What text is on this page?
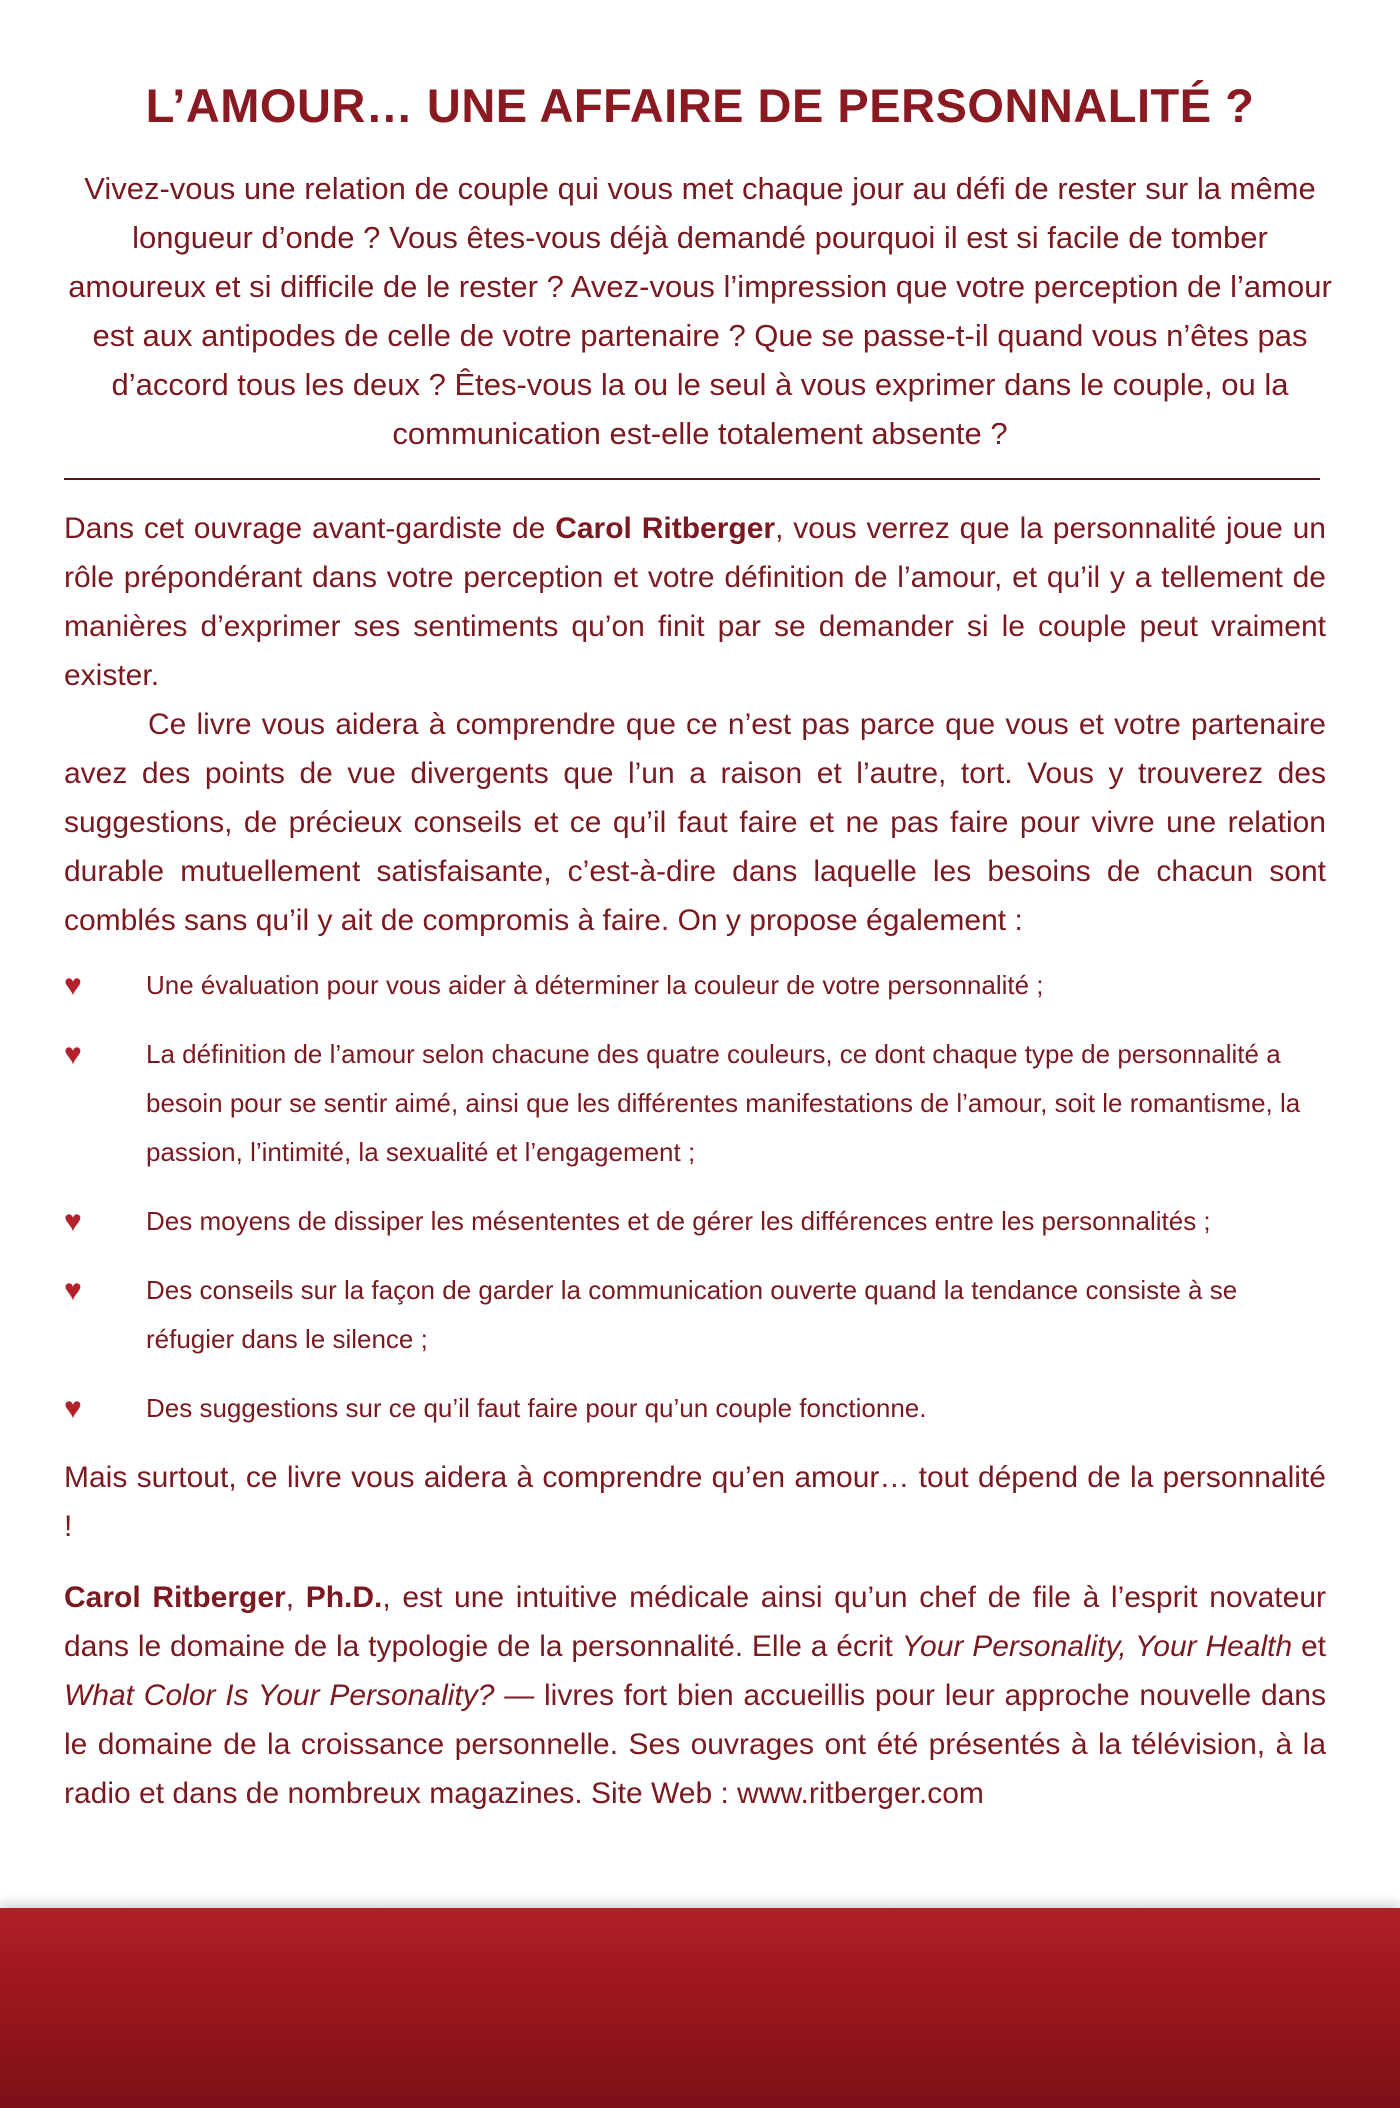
L’AMOUR… UNE AFFAIRE DE PERSONNALITÉ ?

Vivez-vous une relation de couple qui vous met chaque jour au défi de rester sur la même longueur d’onde ? Vous êtes-vous déjà demandé pourquoi il est si facile de tomber amoureux et si difficile de le rester ? Avez-vous l’impression que votre perception de l’amour est aux antipodes de celle de votre partenaire ? Que se passe-t-il quand vous n’êtes pas d’accord tous les deux ? Êtes-vous la ou le seul à vous exprimer dans le couple, ou la communication est-elle totalement absente ?

Dans cet ouvrage avant-gardiste de Carol Ritberger, vous verrez que la personnalité joue un rôle prépondérant dans votre perception et votre définition de l’amour, et qu’il y a tellement de manières d’exprimer ses sentiments qu’on finit par se demander si le couple peut vraiment exister.

Ce livre vous aidera à comprendre que ce n’est pas parce que vous et votre partenaire avez des points de vue divergents que l’un a raison et l’autre, tort. Vous y trouverez des suggestions, de précieux conseils et ce qu’il faut faire et ne pas faire pour vivre une relation durable mutuellement satisfaisante, c’est-à-dire dans laquelle les besoins de chacun sont comblés sans qu’il y ait de compromis à faire. On y propose également :

♥	Une évaluation pour vous aider à déterminer la couleur de votre personnalité ;
♥	La définition de l’amour selon chacune des quatre couleurs, ce dont chaque type de personnalité a besoin pour se sentir aimé, ainsi que les différentes manifestations de l’amour, soit le romantisme, la passion, l’intimité, la sexualité et l’engagement ;
♥	Des moyens de dissiper les mésententes et de gérer les différences entre les personnalités ;
♥	Des conseils sur la façon de garder la communication ouverte quand la tendance consiste à se réfugier dans le silence ;
♥	Des suggestions sur ce qu’il faut faire pour qu’un couple fonctionne.

Mais surtout, ce livre vous aidera à comprendre qu’en amour… tout dépend de la personnalité !

Carol Ritberger, Ph.D., est une intuitive médicale ainsi qu’un chef de file à l’esprit novateur dans le domaine de la typologie de la personnalité. Elle a écrit Your Personality, Your Health et What Color Is Your Personality? — livres fort bien accueillis pour leur approche nouvelle dans le domaine de la croissance personnelle. Ses ouvrages ont été présentés à la télévision, à la radio et dans de nombreux magazines. Site Web : www.ritberger.com
